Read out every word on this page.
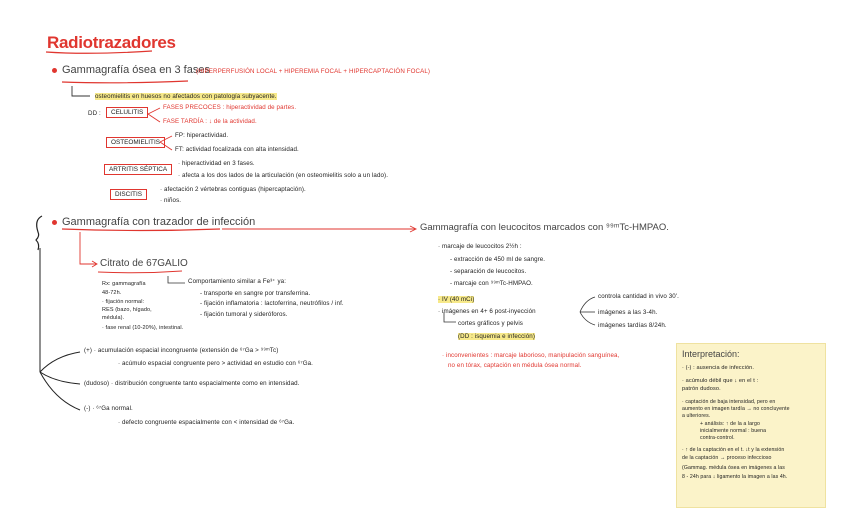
Radiotrazadores
Gammagrafía ósea en 3 fases
(HIPERPERFUSIÓN LOCAL + HIPEREMIA FOCAL + HIPERCAPTACIÓN FOCAL)
osteomielitis en huesos no afectados con patología subyacente.
DD :	CELULITIS
FASES PRECOCES : hiperactividad de partes.
FASE TARDÍA : ↓ de la actividad.
OSTEOMIELITIS
FP: hiperactividad.
FT: actividad focalizada con alta intensidad.
ARTRITIS SÉPTICA
· hiperactividad en 3 fases.
· afecta a los dos lados de la articulación (en osteomielitis solo a un lado).
DISCITIS
· afectación 2 vértebras contiguas (hipercaptación).
· niños.
Gammagrafía con trazador de infección
Citrato de 67GALIO
Comportamiento similar a Fe³⁺ ya:
- transporte en sangre por transferrina.
- fijación inflamatoria : lactoferrina, neutrófilos / inf.
- fijación tumoral y sideróforos.
Rx: gammagrafía
48-72h.
· fijación normal:
RES (bazo, hígado,
médula).
· fase renal (10-20%), intestinal.
(+) · acumulación espacial incongruente (extensión de ⁶⁷Ga > ⁹⁹ᵐTc)
· acúmulo espacial congruente pero > actividad en estudio con ⁶⁷Ga.
(dudoso) · distribución congruente tanto espacialmente como en intensidad.
(-) · ⁶⁷Ga normal.
· defecto congruente espacialmente con < intensidad de ⁶⁷Ga.
Gammagrafía con leucocitos marcados con ⁹⁹ᵐTc-HMPAO.
· marcaje de leucocitos 2½h :
- extracción de 450 ml de sangre.
- separación de leucocitos.
- marcaje con ⁹⁹ᵐTc-HMPAO.
· IV (40 mCi)
· imágenes en 4+ 6 post-inyección
cortes gráficos y pelvis
(DD : isquemia e infección)
controla cantidad in vivo 30'.
imágenes a las 3-4h.
imágenes tardías 8/24h.
· inconvenientes : marcaje laborioso, manipulación sanguínea,
no en tórax, captación en médula ósea normal.
Interpretación:
· (-) : ausencia de infección.
· acúmulo débil que ↓ en el t :
patrón dudoso.
· captación de baja intensidad, pero en
aumento en imagen tardía → no concluyente
a ulteriores.
+ análisis: ↑ de la a largo
inicialmente normal : buena
contra-control.
· ↑ de la captación en el t. ↓t y la extensión
de la captación → proceso infeccioso
(Gammag. médula ósea en imágenes a las
8 - 24h para ↓ ligamento la imagen a las 4h.
